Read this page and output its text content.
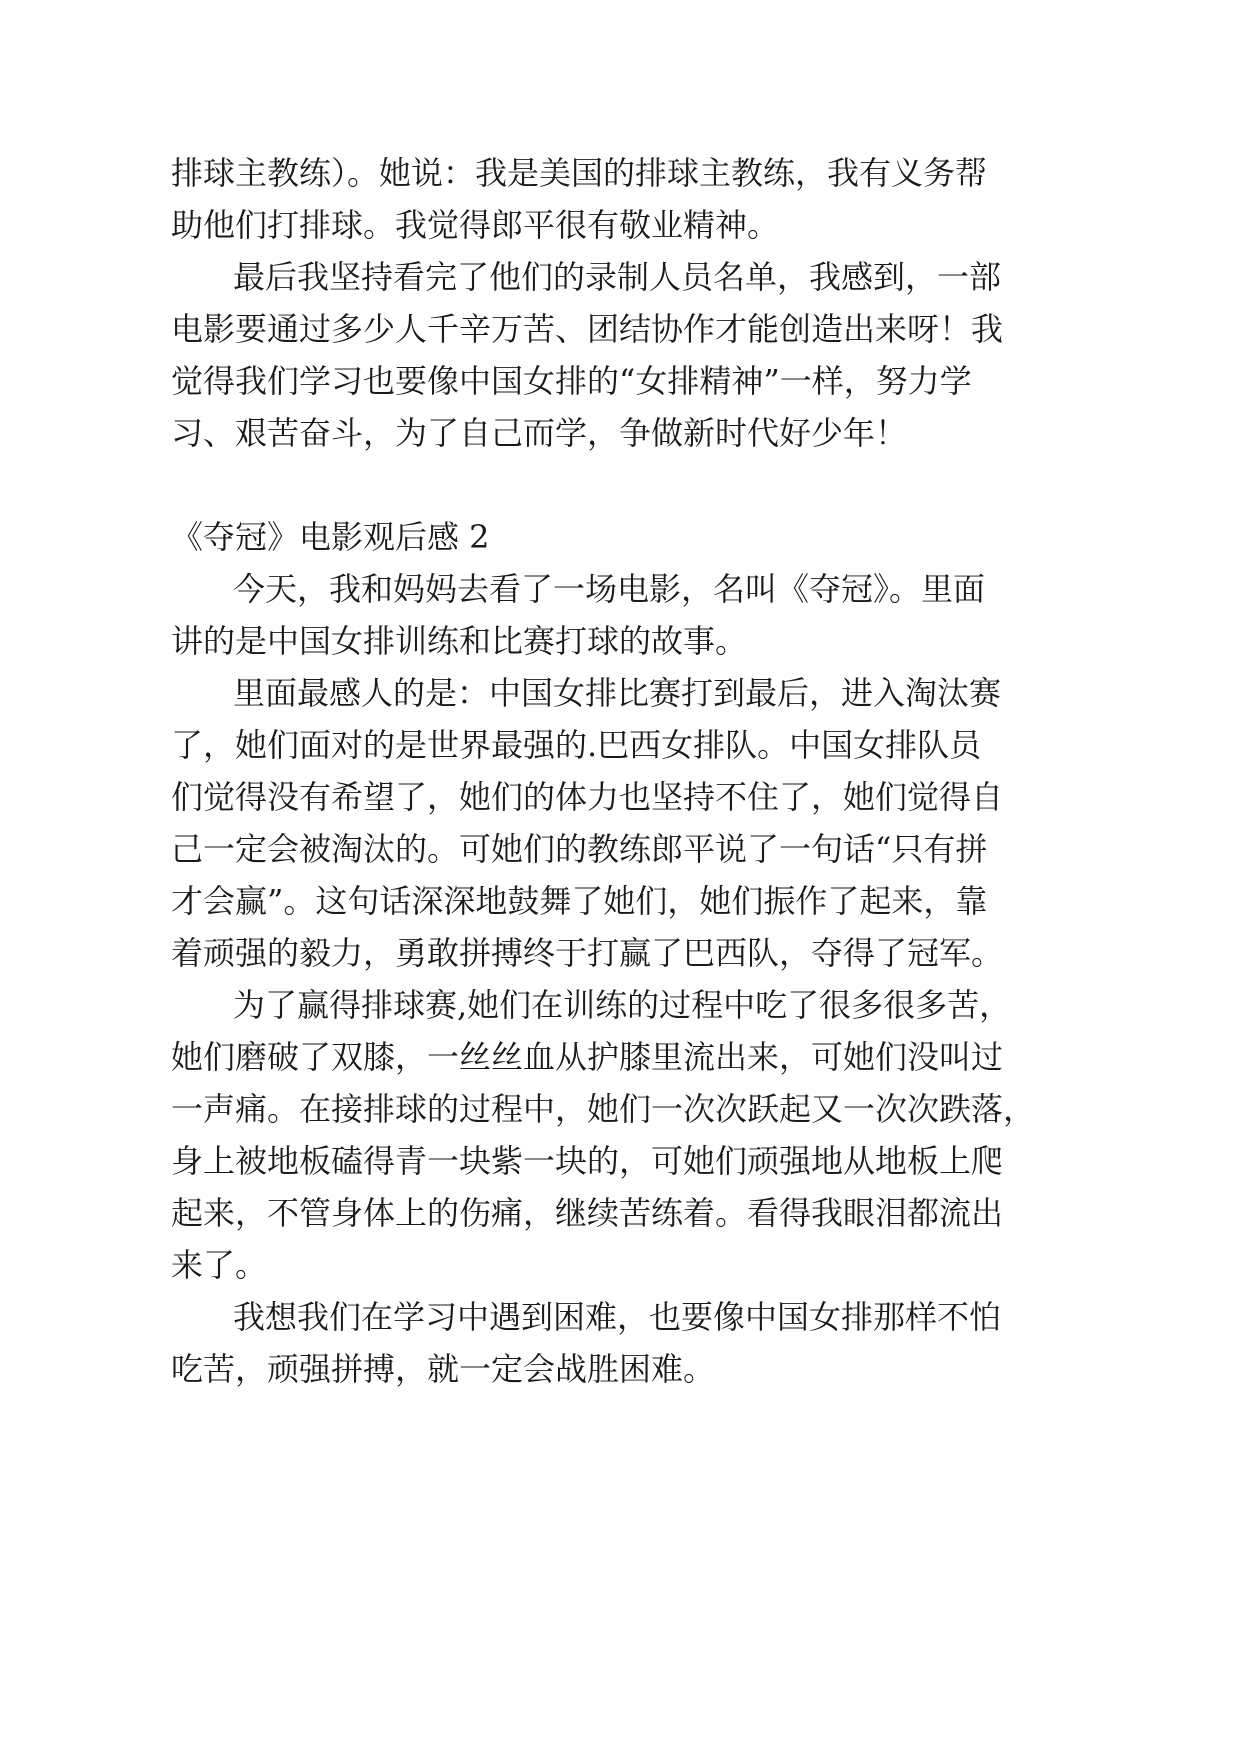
排球主教练）。她说：我是美国的排球主教练，我有义务帮
助他们打排球。我觉得郎平很有敬业精神。
最后我坚持看完了他们的录制人员名单，我感到，一部
电影要通过多少人千辛万苦、团结协作才能创造出来呀！我
觉得我们学习也要像中国女排的“女排精神”一样，努力学
习、艰苦奋斗，为了自己而学，争做新时代好少年！
《夺冠》电影观后感 2
今天，我和妈妈去看了一场电影，名叫《夺冠》。里面
讲的是中国女排训练和比赛打球的故事。
里面最感人的是：中国女排比赛打到最后，进入淘汰赛
了，她们面对的是世界最强的.巴西女排队。中国女排队员
们觉得没有希望了，她们的体力也坚持不住了，她们觉得自
己一定会被淘汰的。可她们的教练郎平说了一句话“只有拼
才会赢”。这句话深深地鼓舞了她们，她们振作了起来，靠
着顽强的毅力，勇敢拼搏终于打赢了巴西队，夺得了冠军。
为了赢得排球赛,她们在训练的过程中吃了很多很多苦，
她们磨破了双膝，一丝丝血从护膝里流出来，可她们没叫过
一声痛。在接排球的过程中，她们一次次跃起又一次次跌落，
身上被地板磕得青一块紫一块的，可她们顽强地从地板上爬
起来，不管身体上的伤痛，继续苦练着。看得我眼泪都流出
来了。
我想我们在学习中遇到困难，也要像中国女排那样不怕
吃苦，顽强拼搏，就一定会战胜困难。
